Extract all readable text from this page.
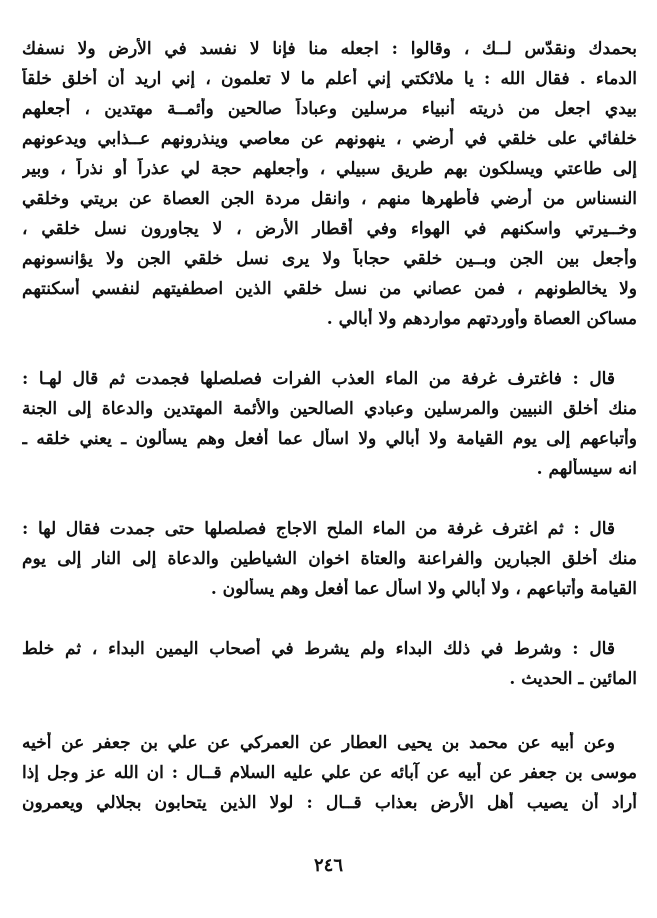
بحمدك ونقدّس لــك ، وقالوا : اجعله منا فإنا لا نفسد في الأرض ولا نسفك
الدماء . فقال الله : يا ملائكتي إني أعلم ما لا تعلمون ، إني اريد أن أخلق خلقاً
بيدي اجعل من ذريته أنبياء مرسلين وعباداً صالحين وأئمــة مهتدين ، أجعلهم
خلفائي على خلقي في أرضي ، ينهونهم عن معاصي وينذرونهم عــذابي ويدعونهم
إلى طاعتي ويسلكون بهم طريق سبيلي ، وأجعلهم حجة لي عذراً أو نذراً ، وبير
النسناس من أرضي فأطهرها منهم ، وانقل مردة الجن العصاة عن بريتي وخلقي
وخــيرتي واسكنهم في الهواء وفي أقطار الأرض ، لا يجاورون نسل خلقي ،
وأجعل بين الجن وبــين خلقي حجاباً ولا يرى نسل خلقي الجن ولا يؤانسونهم
ولا يخالطونهم ، فمن عصاني من نسل خلقي الذين اصطفيتهم لنفسي أسكنتهم
مساكن العصاة وأوردتهم مواردهم ولا أبالي .
قال : فاغترف غرفة من الماء العذب الفرات فصلصلها فجمدت ثم قال لهـا :
منك أخلق النبيين والمرسلين وعبادي الصالحين والأئمة المهتدين والدعاة إلى الجنة
وأتباعهم إلى يوم القيامة ولا أبالي ولا اسأل عما أفعل وهم يسألون ـ يعني خلقه ـ
انه سيسألهم .
قال : ثم اغترف غرفة من الماء الملح الاجاج فصلصلها حتى جمدت فقال لها :
منك أخلق الجبارين والفراعنة والعتاة اخوان الشياطين والدعاة إلى النار إلى يوم
القيامة وأتباعهم ، ولا أبالي ولا اسأل عما أفعل وهم يسألون .
قال : وشرط في ذلك البداء ولم يشرط في أصحاب اليمين البداء ، ثم خلط
المائين ـ الحديث .
وعن أبيه عن محمد بن يحيى العطار عن العمركي عن علي بن جعفر عن أخيه
موسى بن جعفر عن أبيه عن آبائه عن علي عليه السلام قــال : ان الله عز وجل إذا
أراد أن يصيب أهل الأرض بعذاب قــال : لولا الذين يتحابون بجلالي ويعمرون
٢٤٦
